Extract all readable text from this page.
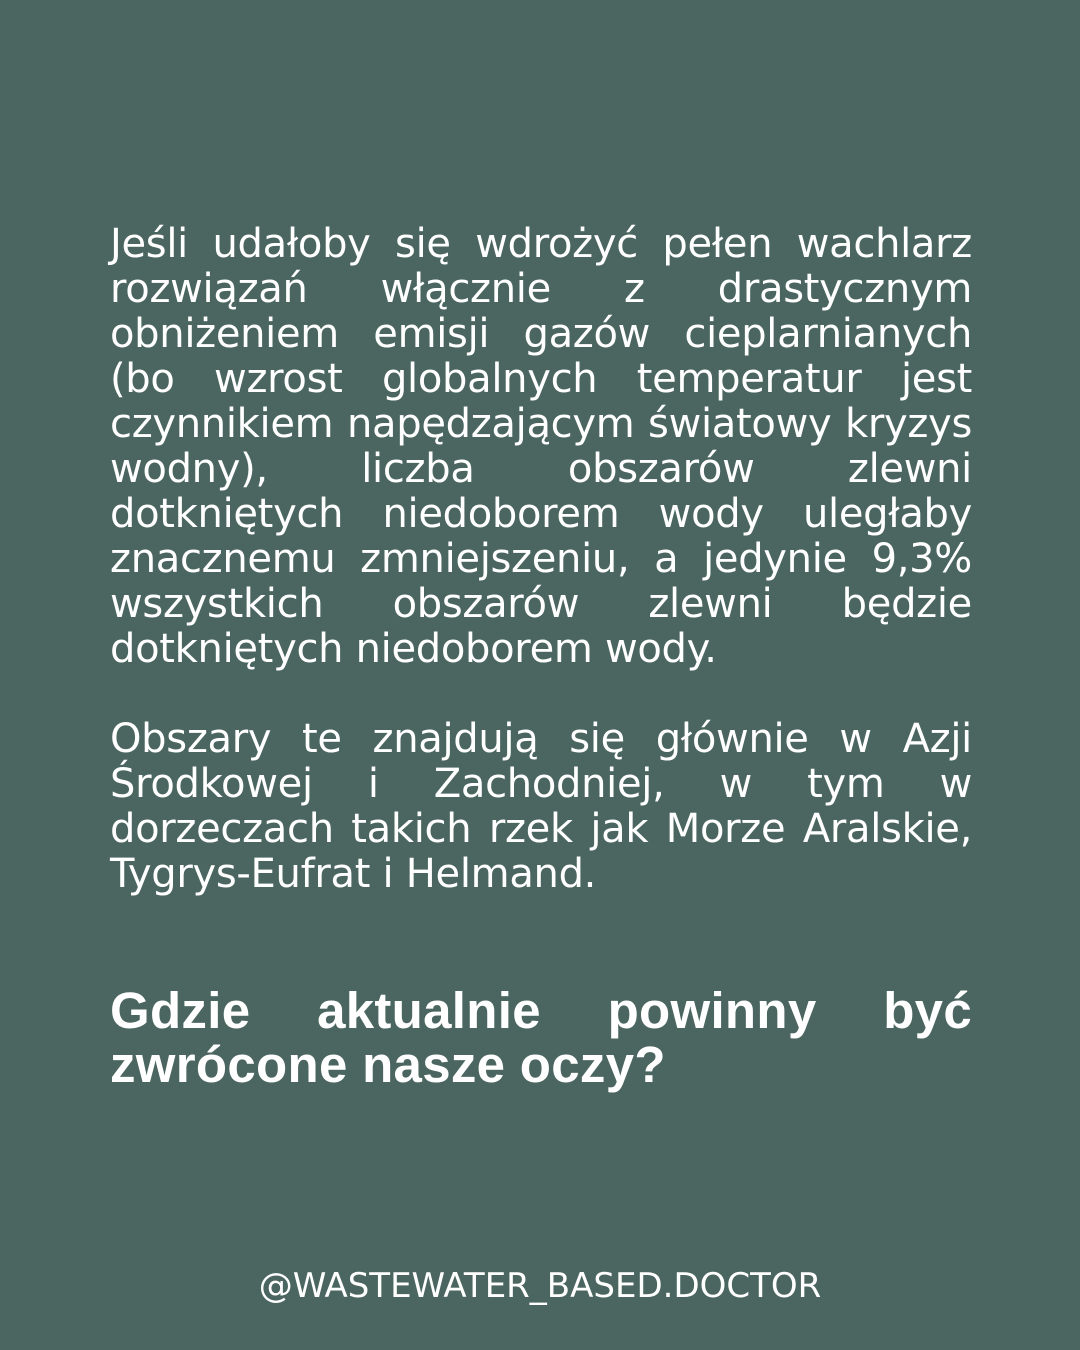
Jeśli udałoby się wdrożyć pełen wachlarz rozwiązań włącznie z drastycznym obniżeniem emisji gazów cieplarnianych (bo wzrost globalnych temperatur jest czynnikiem napędzającym światowy kryzys wodny), liczba obszarów zlewni dotkniętych niedoborem wody uległaby znacznemu zmniejszeniu, a jedynie 9,3% wszystkich obszarów zlewni będzie dotkniętych niedoborem wody.

Obszary te znajdują się głównie w Azji Środkowej i Zachodniej, w tym w dorzeczach takich rzek jak Morze Aralskie, Tygrys-Eufrat i Helmand.

Gdzie aktualnie powinny być zwrócone nasze oczy?
@WASTEWATER_BASED.DOCTOR
